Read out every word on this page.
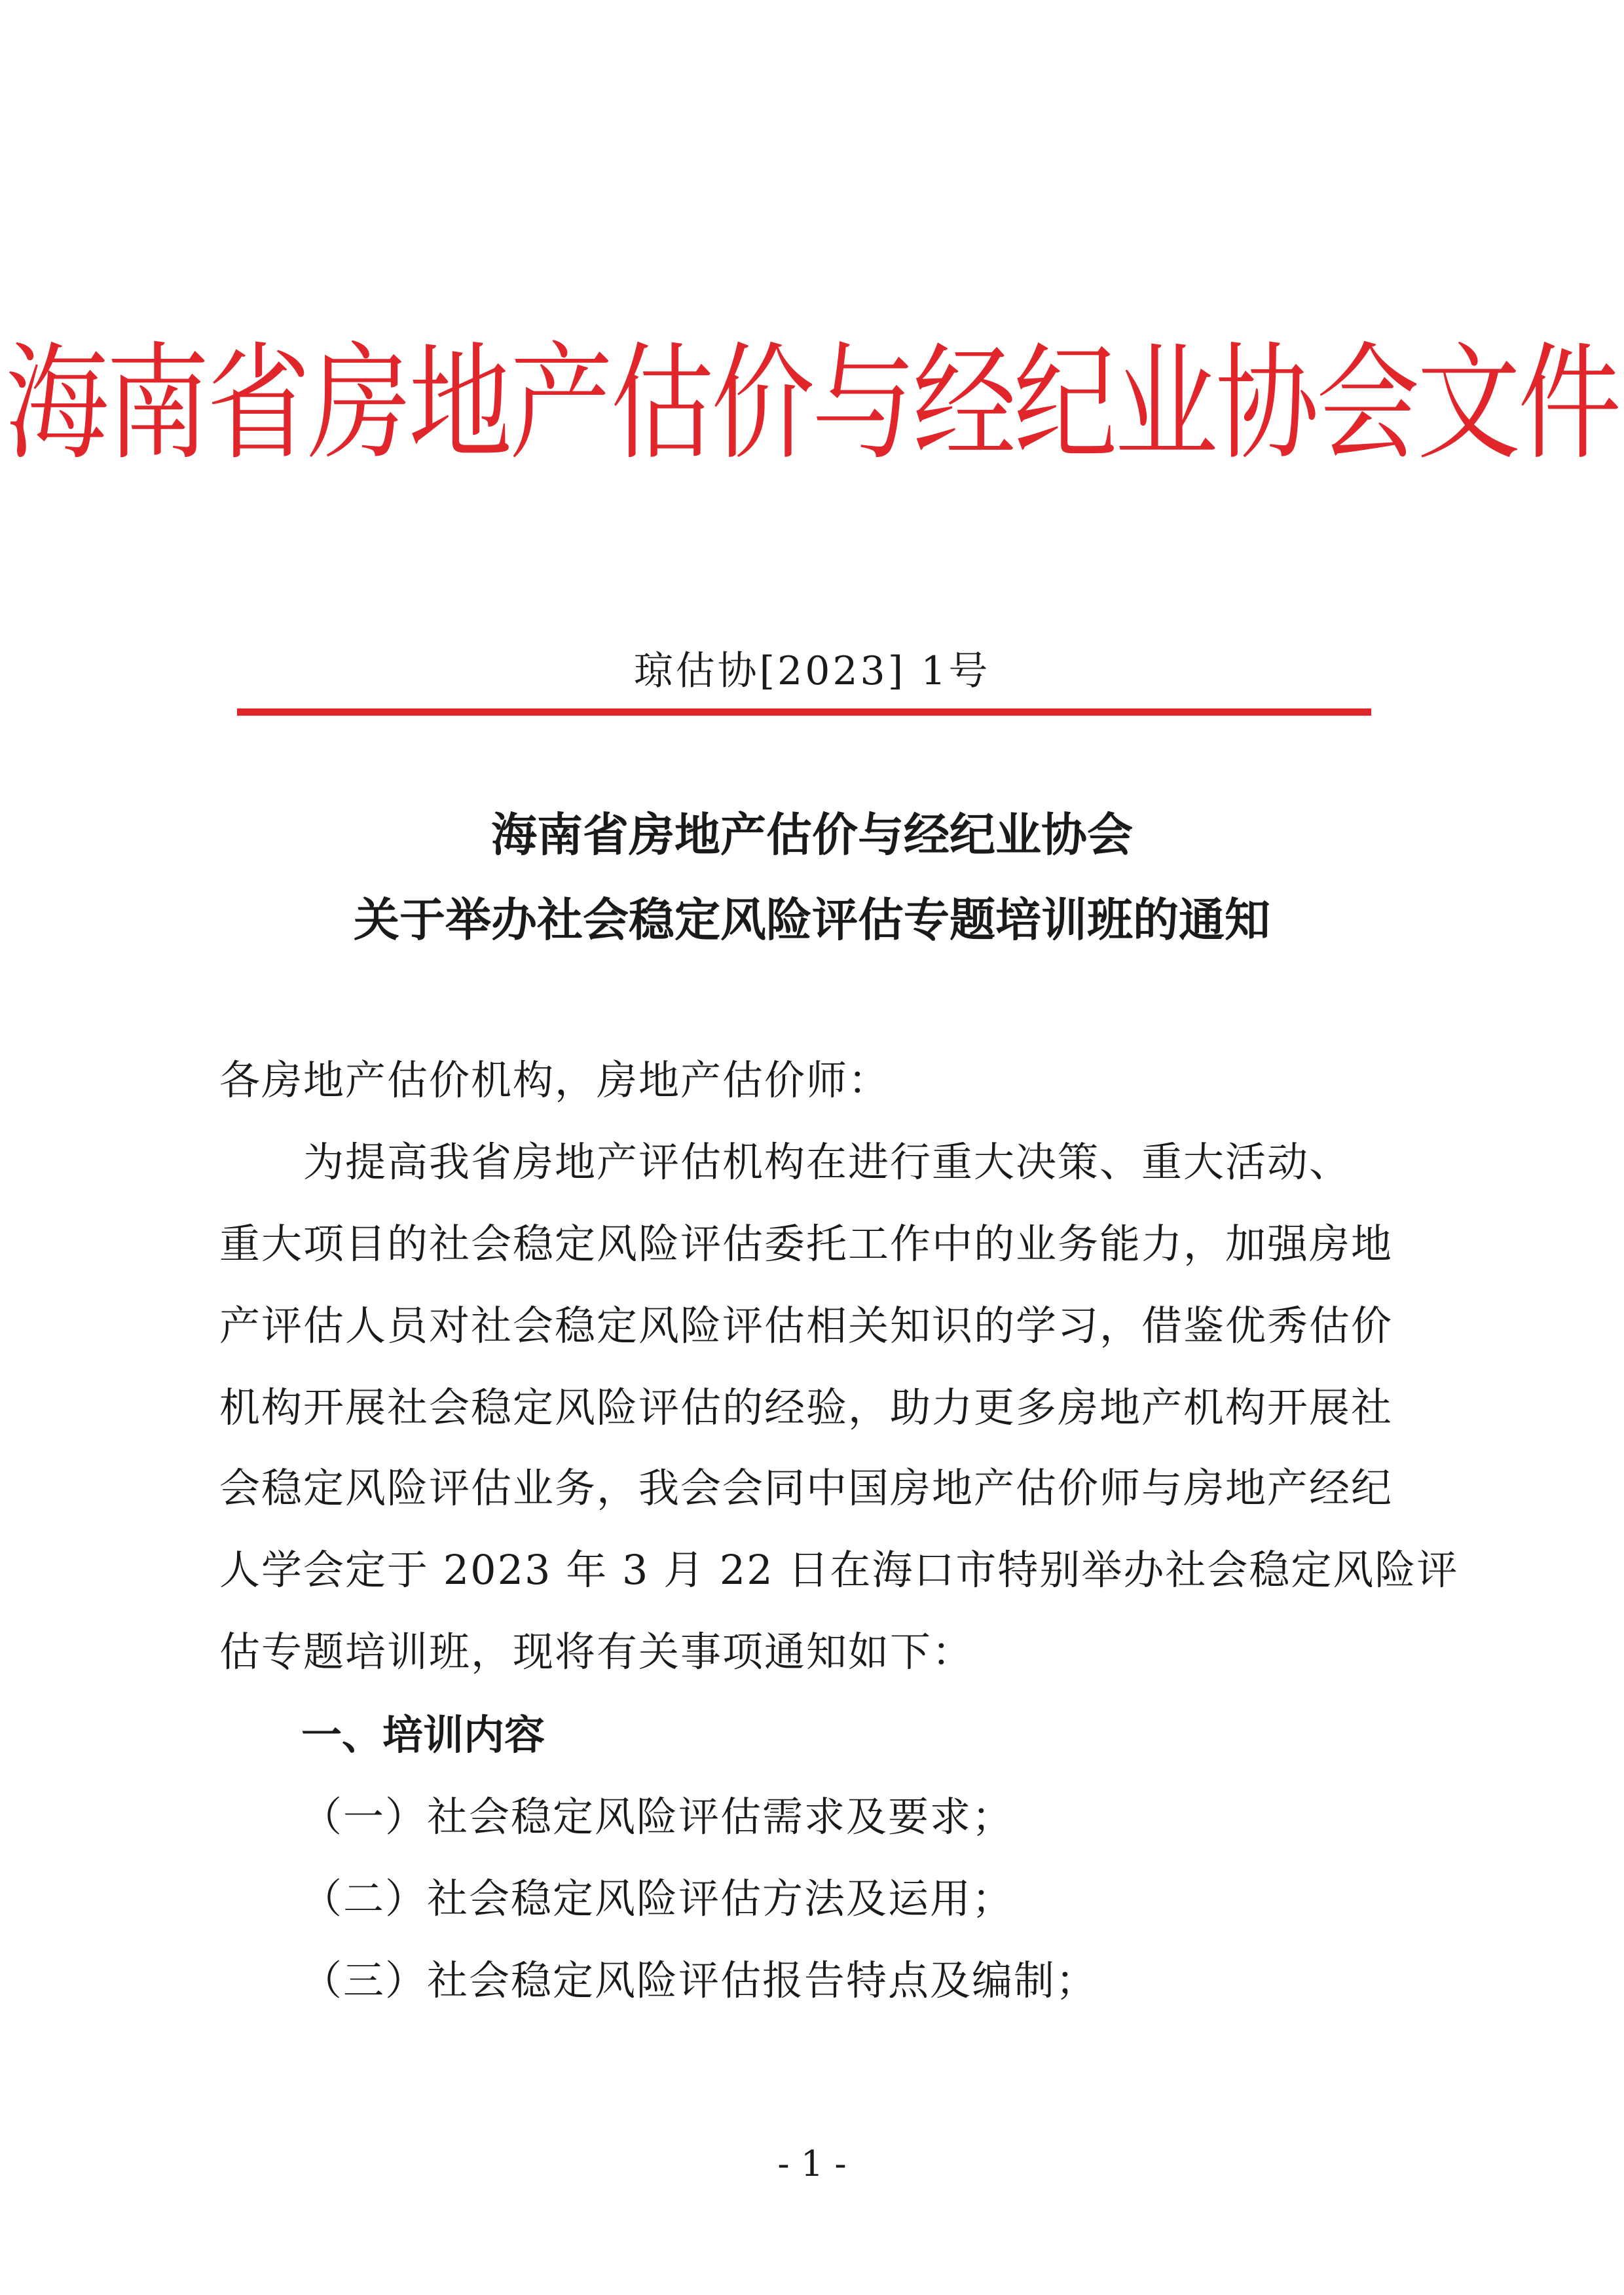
海南省房地产估价与经纪业协会文件
琼估协[2023] 1号
海南省房地产估价与经纪业协会
关于举办社会稳定风险评估专题培训班的通知
各房地产估价机构，房地产估价师：
　　为提高我省房地产评估机构在进行重大决策、重大活动、
重大项目的社会稳定风险评估委托工作中的业务能力，加强房地
产评估人员对社会稳定风险评估相关知识的学习，借鉴优秀估价
机构开展社会稳定风险评估的经验，助力更多房地产机构开展社
会稳定风险评估业务，我会会同中国房地产估价师与房地产经纪
人学会定于 2023 年 3 月 22 日在海口市特别举办社会稳定风险评
估专题培训班，现将有关事项通知如下：
一、培训内容
（一）社会稳定风险评估需求及要求；
（二）社会稳定风险评估方法及运用；
（三）社会稳定风险评估报告特点及编制；
- 1 -
